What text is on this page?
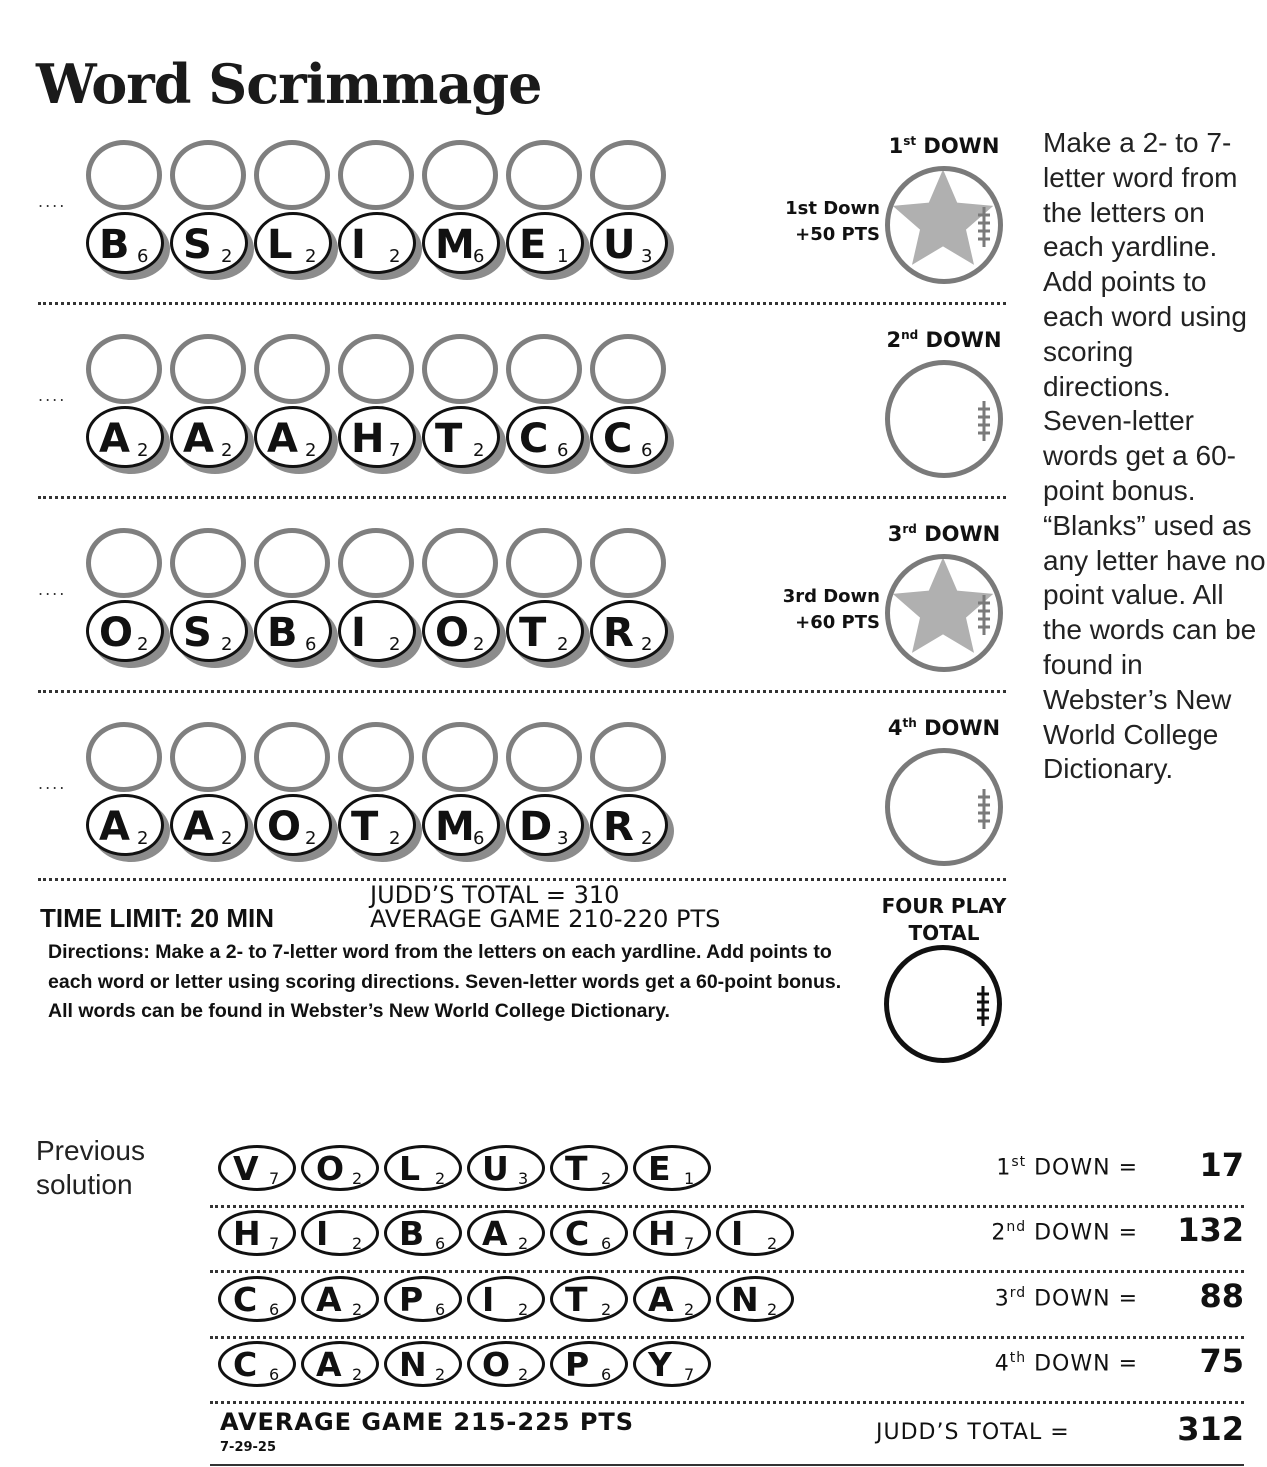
Word Scrimmage
....
B 6 S 2 L 2 I 2 M
6 E 1 U 3
1st DOWN
1st Down
+50 PTS
....
A 2 A 2 A 2 H 7 T 2 C 6 C 6
2nd DOWN
....
O 2 S 2 B 6 I 2 O 2 T 2 R 2
3rd DOWN
3rd Down
+60 PTS
....
A 2 A 2 O 2 T 2 M
6 D 3 R 2
4th DOWN
Make a 2- to 7-letter word from the letters on each yardline. Add points to each word using scoring directions. Seven-letter words get a 60-point bonus. “Blanks” used as any letter have no point value. All the words can be found in Webster’s New World College Dictionary.
TIME LIMIT: 20 MIN
JUDD’S TOTAL = 310
AVERAGE GAME 210-220 PTS
Directions: Make a 2- to 7-letter word from the letters on each yardline. Add points to each word or letter using scoring directions. Seven-letter words get a 60-point bonus. All words can be found in Webster’s New World College Dictionary.
FOUR PLAY TOTAL
Previous solution	V 7 O 2 L 2 U 3 T 2 E 1	1st DOWN = 17
H 7 I 2 B 6 A 2 C 6 H 7 I 2	2nd DOWN = 132
C 6 A 2 P 6 I 2 T 2 A 2 N 2	3rd DOWN = 88
C 6 A 2 N 2 O 2 P 6 Y 7	4th DOWN = 75
AVERAGE GAME 215-225 PTS
7-29-25
JUDD’S TOTAL =	312
